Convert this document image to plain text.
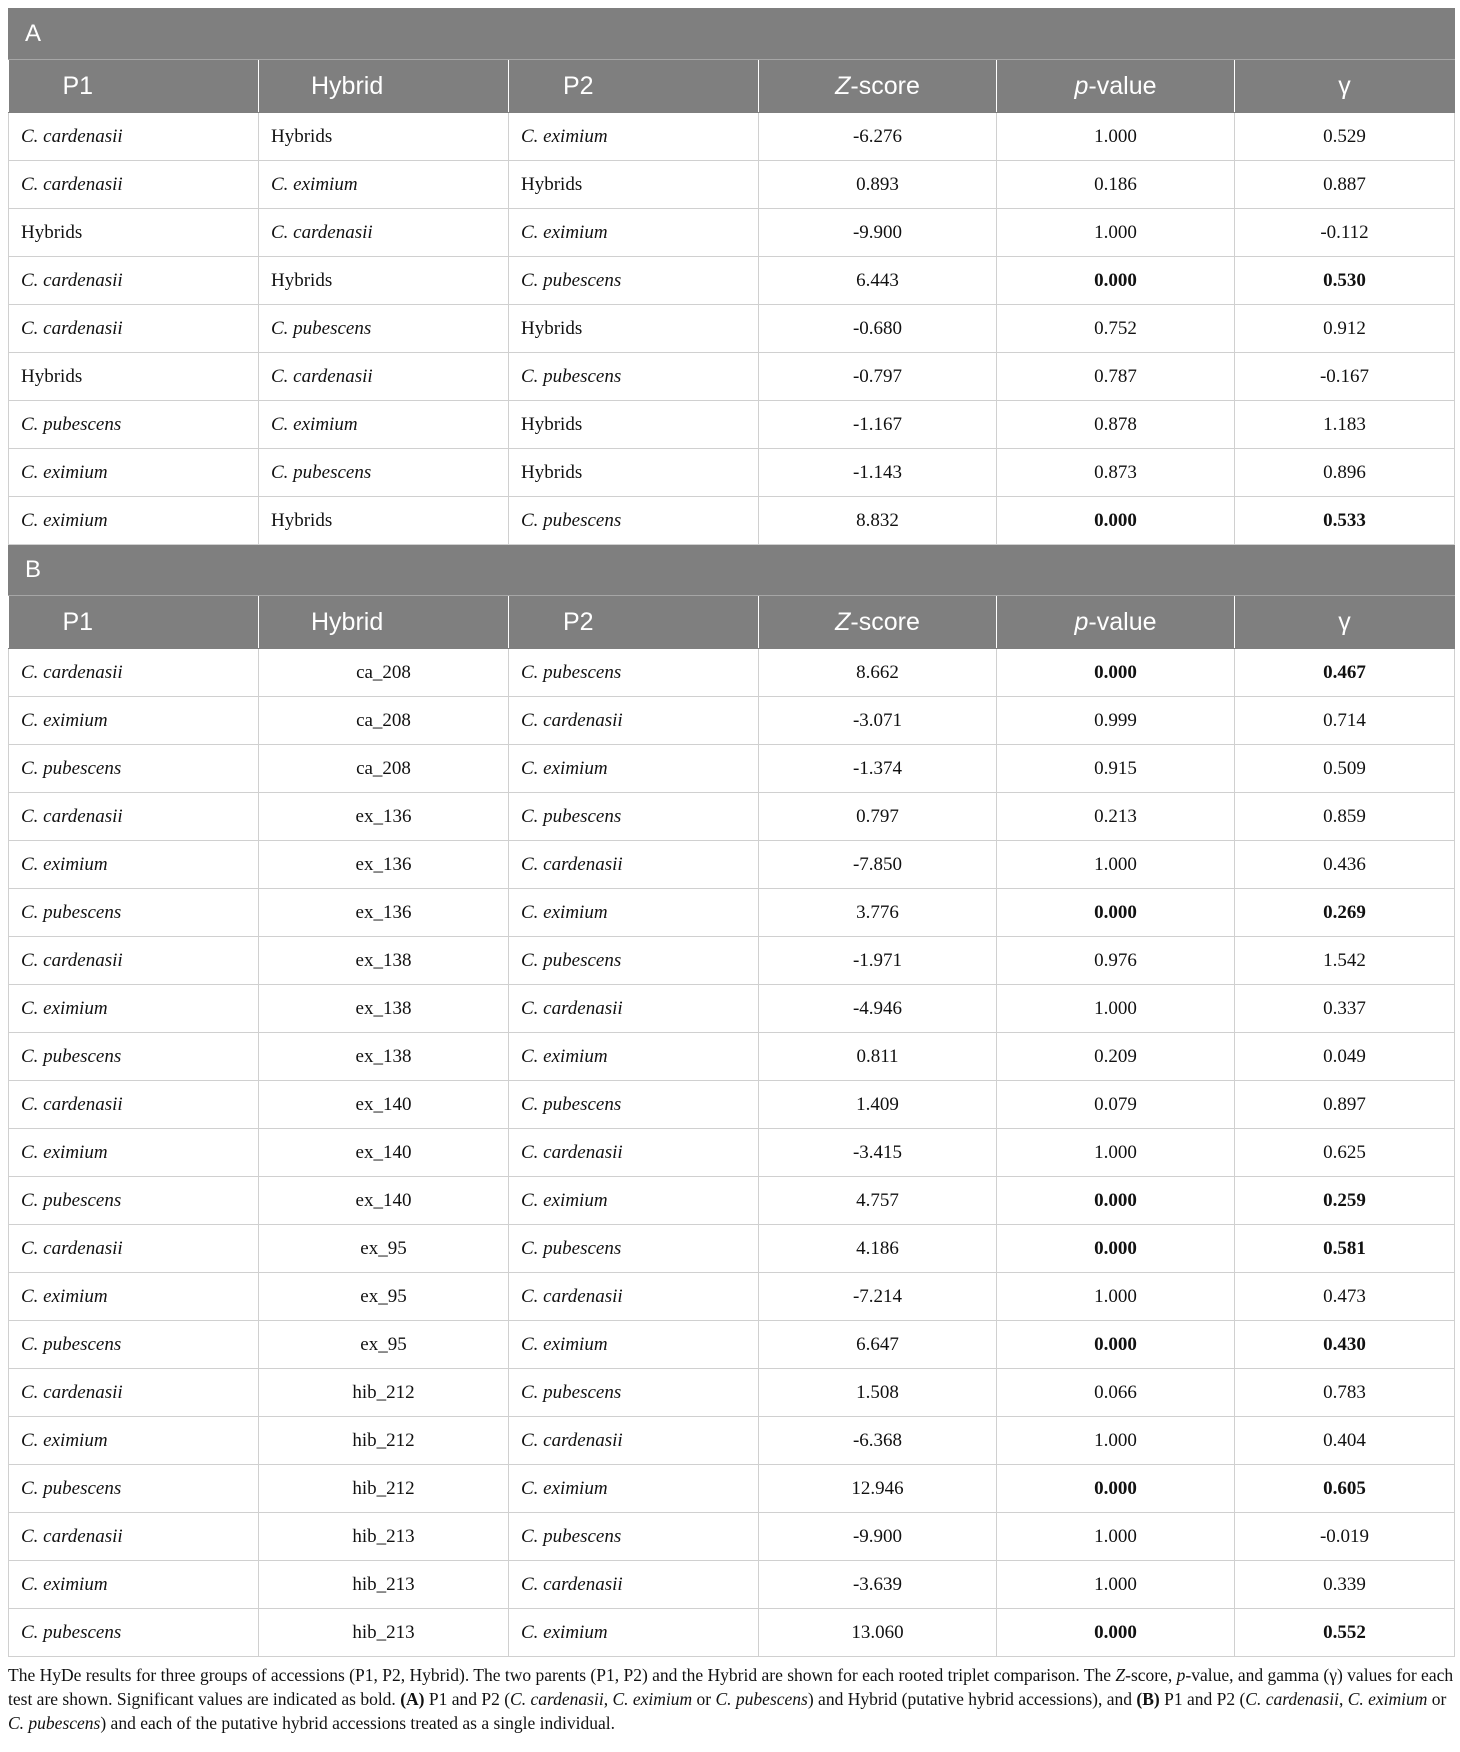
A					
P1	Hybrid	P2	Z-score	p-value	γ
C. cardenasii	Hybrids	C. eximium	-6.276	1.000	0.529
C. cardenasii	C. eximium	Hybrids	0.893	0.186	0.887
Hybrids	C. cardenasii	C. eximium	-9.900	1.000	-0.112
C. cardenasii	Hybrids	C. pubescens	6.443	0.000	0.530
C. cardenasii	C. pubescens	Hybrids	-0.680	0.752	0.912
Hybrids	C. cardenasii	C. pubescens	-0.797	0.787	-0.167
C. pubescens	C. eximium	Hybrids	-1.167	0.878	1.183
C. eximium	C. pubescens	Hybrids	-1.143	0.873	0.896
C. eximium	Hybrids	C. pubescens	8.832	0.000	0.533
B					
P1	Hybrid	P2	Z-score	p-value	γ
C. cardenasii	ca_208	C. pubescens	8.662	0.000	0.467
C. eximium	ca_208	C. cardenasii	-3.071	0.999	0.714
C. pubescens	ca_208	C. eximium	-1.374	0.915	0.509
C. cardenasii	ex_136	C. pubescens	0.797	0.213	0.859
C. eximium	ex_136	C. cardenasii	-7.850	1.000	0.436
C. pubescens	ex_136	C. eximium	3.776	0.000	0.269
C. cardenasii	ex_138	C. pubescens	-1.971	0.976	1.542
C. eximium	ex_138	C. cardenasii	-4.946	1.000	0.337
C. pubescens	ex_138	C. eximium	0.811	0.209	0.049
C. cardenasii	ex_140	C. pubescens	1.409	0.079	0.897
C. eximium	ex_140	C. cardenasii	-3.415	1.000	0.625
C. pubescens	ex_140	C. eximium	4.757	0.000	0.259
C. cardenasii	ex_95	C. pubescens	4.186	0.000	0.581
C. eximium	ex_95	C. cardenasii	-7.214	1.000	0.473
C. pubescens	ex_95	C. eximium	6.647	0.000	0.430
C. cardenasii	hib_212	C. pubescens	1.508	0.066	0.783
C. eximium	hib_212	C. cardenasii	-6.368	1.000	0.404
C. pubescens	hib_212	C. eximium	12.946	0.000	0.605
C. cardenasii	hib_213	C. pubescens	-9.900	1.000	-0.019
C. eximium	hib_213	C. cardenasii	-3.639	1.000	0.339
C. pubescens	hib_213	C. eximium	13.060	0.000	0.552
The HyDe results for three groups of accessions (P1, P2, Hybrid). The two parents (P1, P2) and the Hybrid are shown for each rooted triplet comparison. The Z-score, p-value, and gamma (γ) values for each test are shown. Significant values are indicated as bold. (A) P1 and P2 (C. cardenasii, C. eximium or C. pubescens) and Hybrid (putative hybrid accessions), and (B) P1 and P2 (C. cardenasii, C. eximium or C. pubescens) and each of the putative hybrid accessions treated as a single individual.
